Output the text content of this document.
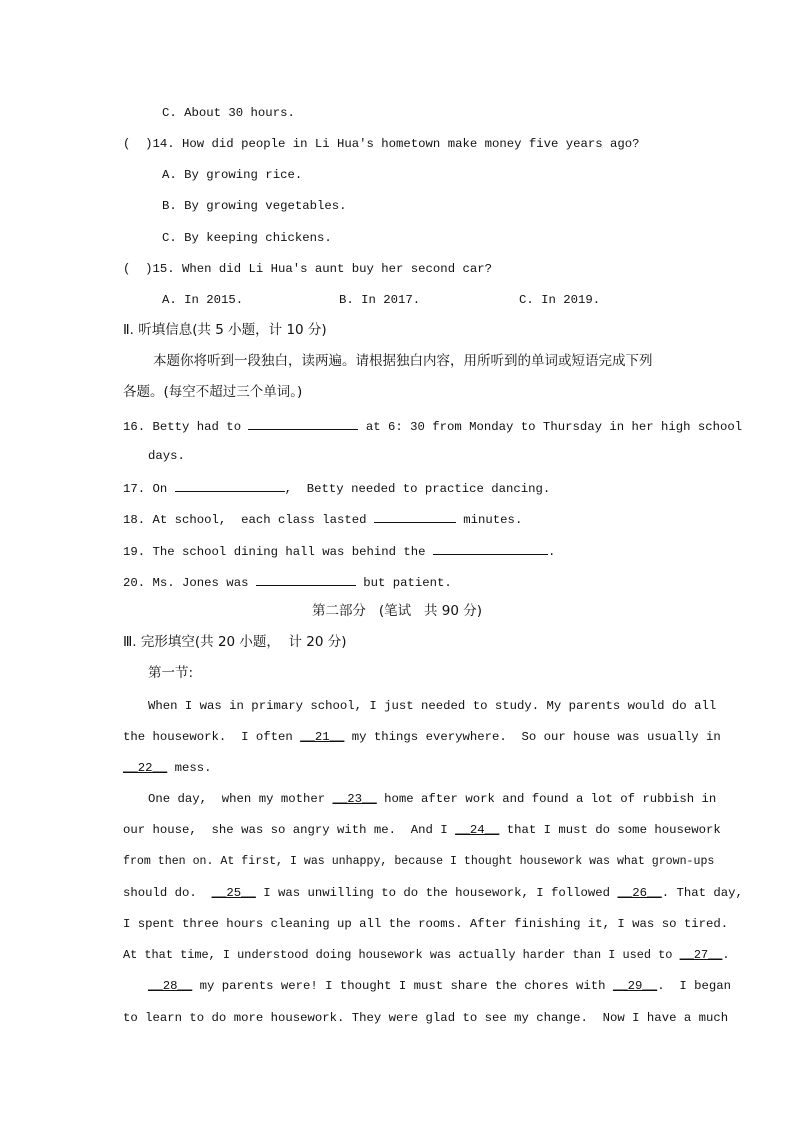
C. About 30 hours.
(  )14. How did people in Li Hua's hometown make money five years ago?
A. By growing rice.
B. By growing vegetables.
C. By keeping chickens.
(  )15. When did Li Hua's aunt buy her second car?
A. In 2015.	B. In 2017.	C. In 2019.
Ⅱ. 听填信息(共 5 小题，计 10 分)
本题你将听到一段独白，读两遍。请根据独白内容，用所听到的单词或短语完成下列
各题。(每空不超过三个单词。)
16. Betty had to	at 6: 30 from Monday to Thursday in her high school
days.
17. On	,  Betty needed to practice dancing.
18. At school,  each class lasted	minutes.
19. The school dining hall was behind the	.
20. Ms. Jones was	but patient.
第二部分   (笔试   共 90 分)
Ⅲ. 完形填空(共 20 小题，  计 20 分)
第一节:
When I was in primary school, I just needed to study. My parents would do all
the housework.  I often __21__ my things everywhere.  So our house was usually in
__22__ mess.
One day,  when my mother __23__ home after work and found a lot of rubbish in
our house,  she was so angry with me.  And I __24__ that I must do some housework
from then on. At first, I was unhappy, because I thought housework was what grown-ups
should do.  __25__ I was unwilling to do the housework, I followed __26__. That day,
I spent three hours cleaning up all the rooms. After finishing it, I was so tired.
At that time, I understood doing housework was actually harder than I used to __27__.
__28__ my parents were! I thought I must share the chores with __29__.  I began
to learn to do more housework. They were glad to see my change.  Now I have a much
